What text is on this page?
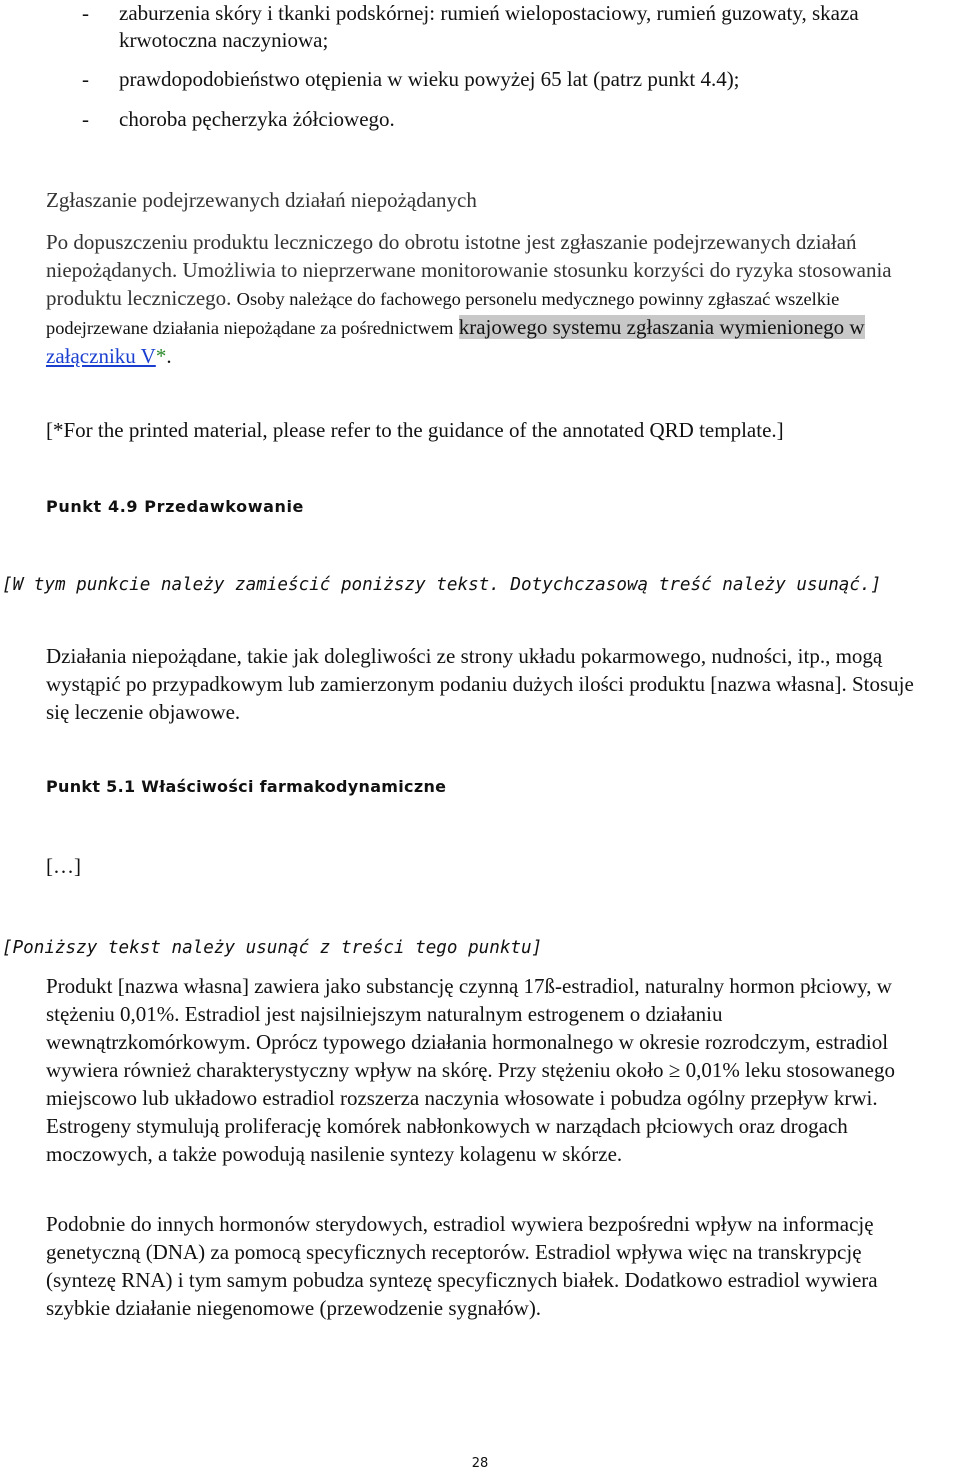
- zaburzenia skóry i tkanki podskórnej: rumień wielopostaciowy, rumień guzowaty, skaza krwotoczna naczyniowa;
- prawdopodobieństwo otępienia w wieku powyżej 65 lat (patrz punkt 4.4);
- choroba pęcherzyka żółciowego.

Zgłaszanie podejrzewanych działań niepożądanych

Po dopuszczeniu produktu leczniczego do obrotu istotne jest zgłaszanie podejrzewanych działań niepożądanych. Umożliwia to nieprzerwane monitorowanie stosunku korzyści do ryzyka stosowania produktu leczniczego. Osoby należące do fachowego personelu medycznego powinny zgłaszać wszelkie podejrzewane działania niepożądane za pośrednictwem krajowego systemu zgłaszania wymienionego w załączniku V*.

[*For the printed material, please refer to the guidance of the annotated QRD template.]

Punkt 4.9 Przedawkowanie

[W tym punkcie należy zamieścić poniższy tekst. Dotychczasową treść należy usunąć.]

Działania niepożądane, takie jak dolegliwości ze strony układu pokarmowego, nudności, itp., mogą wystąpić po przypadkowym lub zamierzonym podaniu dużych ilości produktu [nazwa własna]. Stosuje się leczenie objawowe.

Punkt 5.1 Właściwości farmakodynamiczne

[…]

[Poniższy tekst należy usunąć z treści tego punktu]

Produkt [nazwa własna] zawiera jako substancję czynną 17ß-estradiol, naturalny hormon płciowy, w stężeniu 0,01%. Estradiol jest najsilniejszym naturalnym estrogenem o działaniu wewnątrzkomórkowym. Oprócz typowego działania hormonalnego w okresie rozrodczym, estradiol wywiera również charakterystyczny wpływ na skórę. Przy stężeniu około ≥ 0,01% leku stosowanego miejscowo lub układowo estradiol rozszerza naczynia włosowate i pobudza ogólny przepływ krwi. Estrogeny stymulują proliferację komórek nabłonkowych w narządach płciowych oraz drogach moczowych, a także powodują nasilenie syntezy kolagenu w skórze.

Podobnie do innych hormonów sterydowych, estradiol wywiera bezpośredni wpływ na informację genetyczną (DNA) za pomocą specyficznych receptorów. Estradiol wpływa więc na transkrypcję (syntezę RNA) i tym samym pobudza syntezę specyficznych białek. Dodatkowo estradiol wywiera szybkie działanie niegenomowe (przewodzenie sygnałów).

28
